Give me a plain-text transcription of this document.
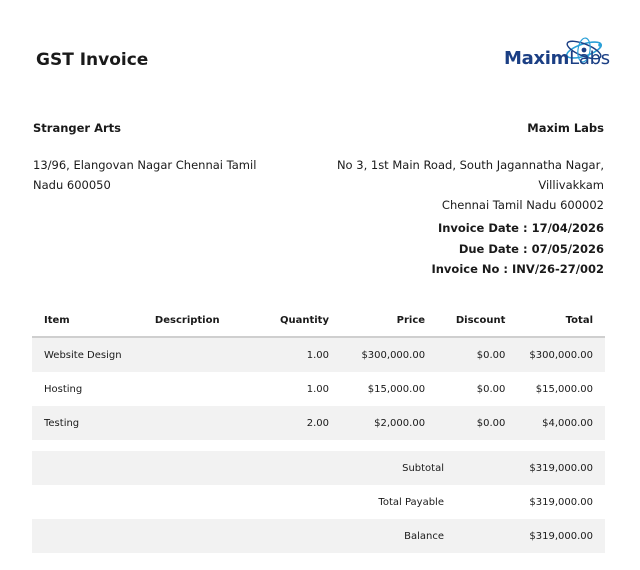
GST Invoice	MaximLabs
Stranger Arts
13/96, Elangovan Nagar Chennai Tamil
Nadu 600050
Maxim Labs
No 3, 1st Main Road, South Jagannatha Nagar, Villivakkam
Chennai Tamil Nadu 600002
Invoice Date : 17/04/2026
Due Date : 07/05/2026
Invoice No : INV/26-27/002
Item	Description	Quantity	Price	Discount	Total
Website Design		1.00	$300,000.00	$0.00	$300,000.00
Hosting		1.00	$15,000.00	$0.00	$15,000.00
Testing		2.00	$2,000.00	$0.00	$4,000.00
Subtotal	$319,000.00
Total Payable	$319,000.00
Balance	$319,000.00
